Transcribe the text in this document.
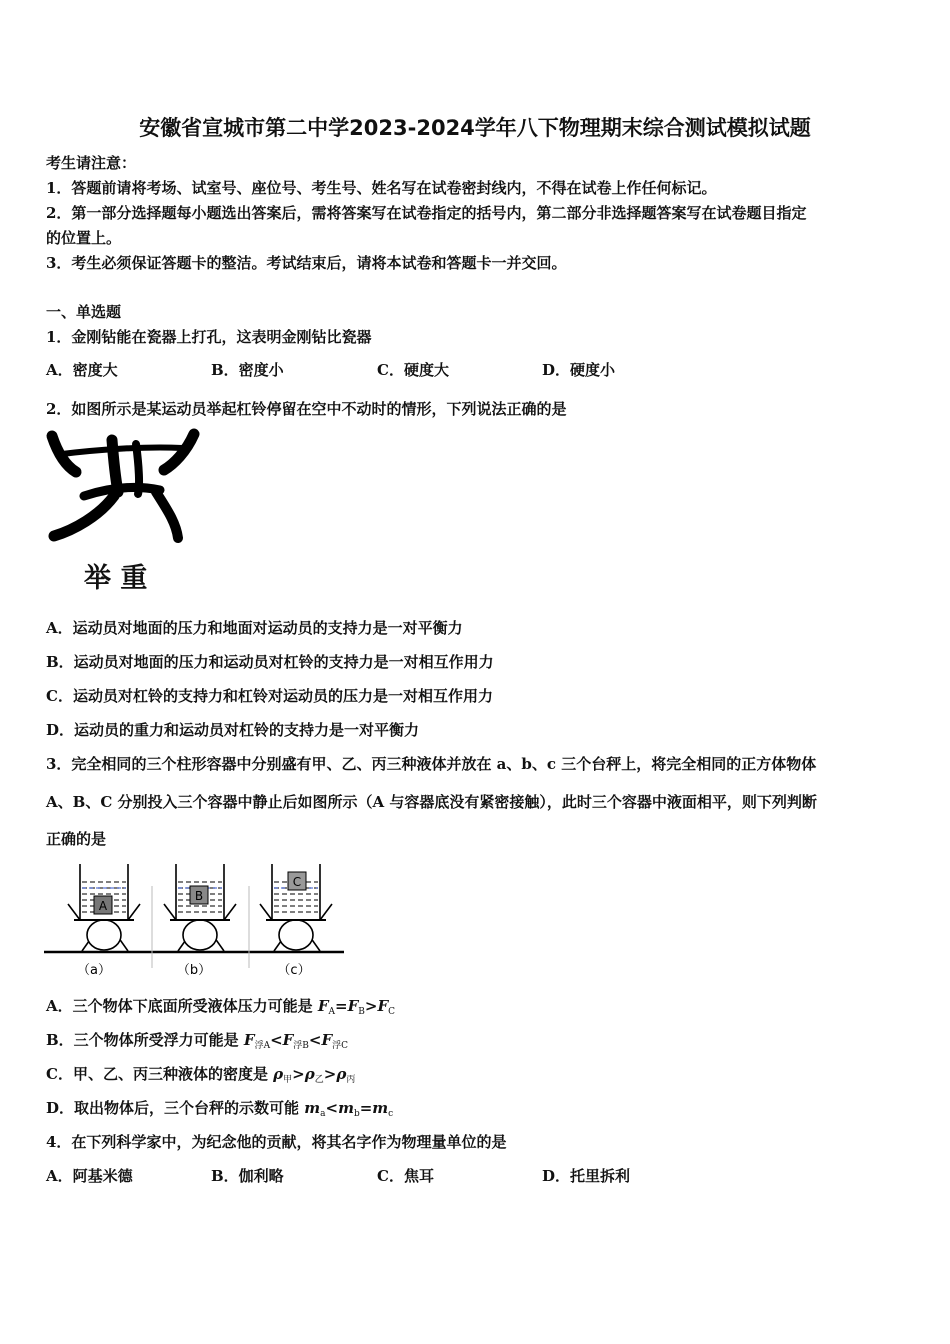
安徽省宣城市第二中学2023-2024学年八下物理期末综合测试模拟试题
考生请注意：
1．答题前请将考场、试室号、座位号、考生号、姓名写在试卷密封线内，不得在试卷上作任何标记。
2．第一部分选择题每小题选出答案后，需将答案写在试卷指定的括号内，第二部分非选择题答案写在试卷题目指定
的位置上。
3．考生必须保证答题卡的整洁。考试结束后，请将本试卷和答题卡一并交回。
一、单选题
1．金刚钻能在瓷器上打孔，这表明金刚钻比瓷器
A．密度大	B．密度小	C．硬度大	D．硬度小
2．如图所示是某运动员举起杠铃停留在空中不动时的情形，下列说法正确的是
举 重
A．运动员对地面的压力和地面对运动员的支持力是一对平衡力
B．运动员对地面的压力和运动员对杠铃的支持力是一对相互作用力
C．运动员对杠铃的支持力和杠铃对运动员的压力是一对相互作用力
D．运动员的重力和运动员对杠铃的支持力是一对平衡力
3．完全相同的三个柱形容器中分别盛有甲、乙、丙三种液体并放在 a、b、c 三个台秤上，将完全相同的正方体物体
A、B、C 分别投入三个容器中静止后如图所示（A 与容器底没有紧密接触），此时三个容器中液面相平，则下列判断
正确的是
A
B
C
（a）	（b）	（c）
A．三个物体下底面所受液体压力可能是 $F_A=F_B>F_C$
B．三个物体所受浮力可能是 $F_{浮A}<F_{浮B}<F_{浮C}$
C．甲、乙、丙三种液体的密度是 $\rho_甲>\rho_乙>\rho_丙$
D．取出物体后，三个台秤的示数可能 $m_a<m_b=m_c$
4．在下列科学家中，为纪念他的贡献，将其名字作为物理量单位的是
A．阿基米德	B．伽利略	C．焦耳	D．托里拆利
